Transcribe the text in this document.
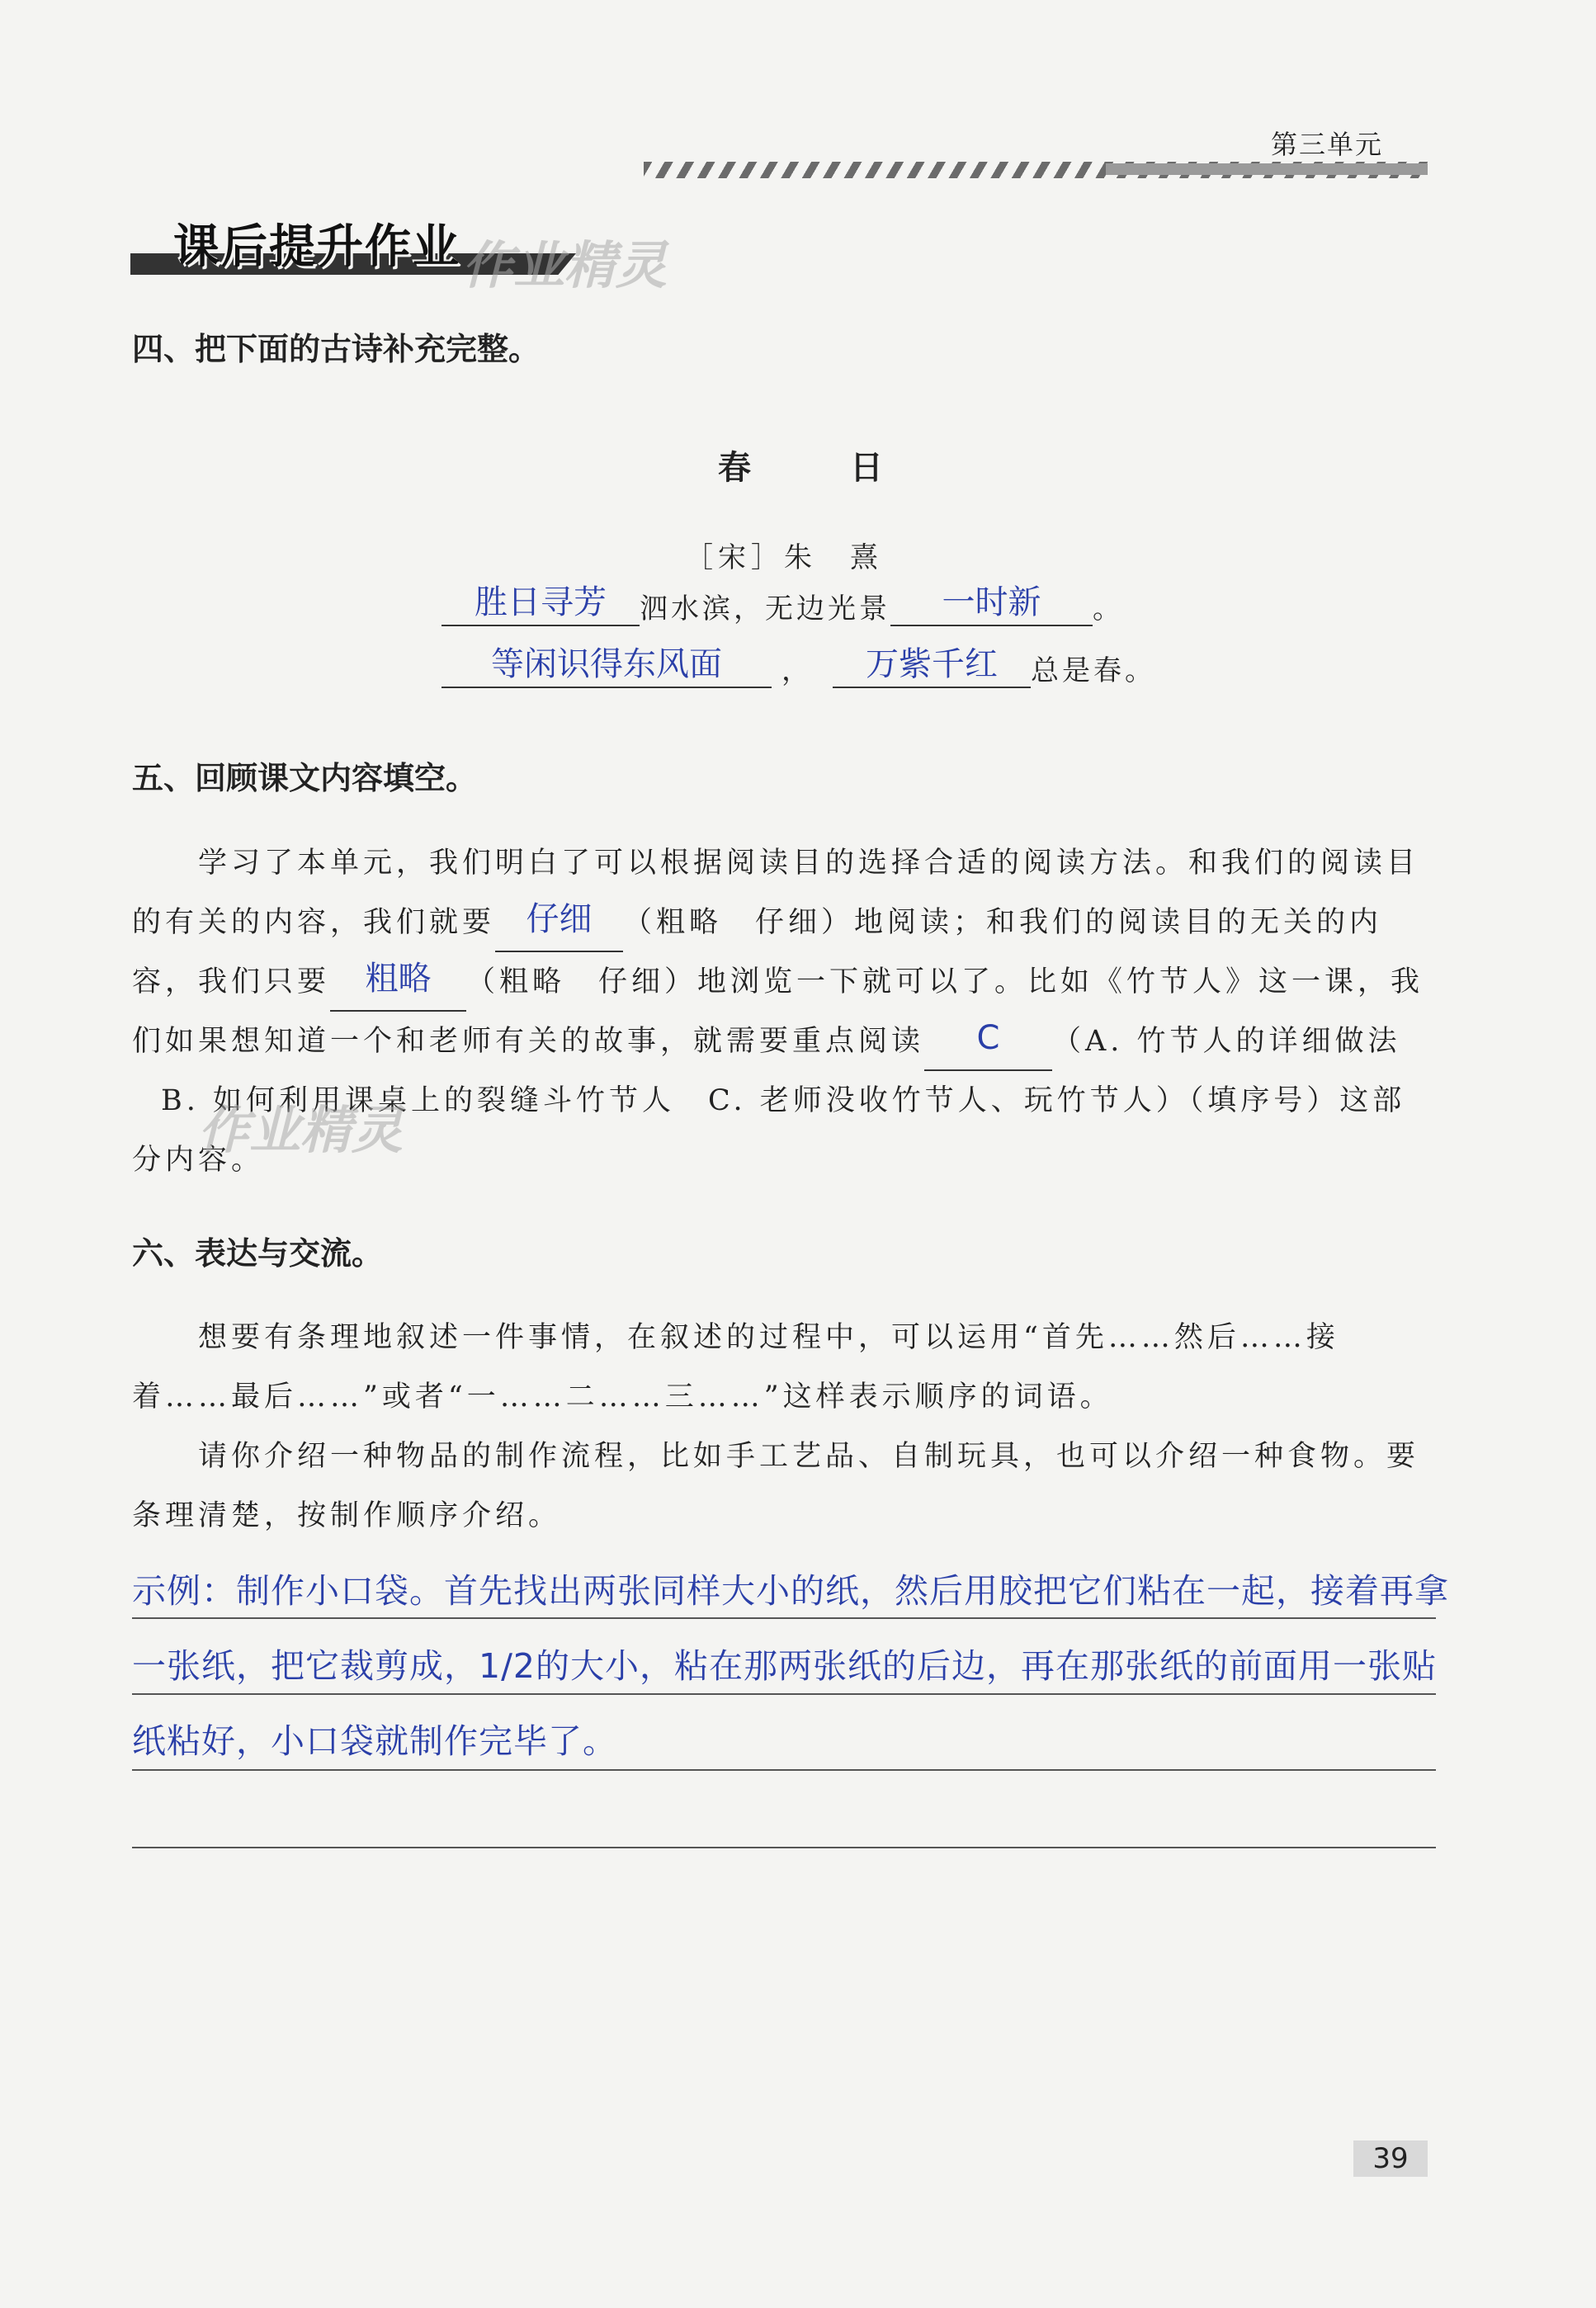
第三单元
课后提升作业 作业精灵
四、把下面的古诗补充完整。
春　日
［宋］朱　熹
胜日寻芳	泗水滨，无边光景	一时新	。
等闲识得东风面	，	万紫千红	总是春。
五、回顾课文内容填空。
学习了本单元，我们明白了可以根据阅读目的选择合适的阅读方法。和我们的阅读目
的有关的内容，我们就要 仔细	（粗略　仔细）地阅读；和我们的阅读目的无关的内
容，我们只要	粗略	（粗略　仔细）地浏览一下就可以了。比如《竹节人》这一课，我
们如果想知道一个和老师有关的故事，就需要重点阅读	C	（A. 竹节人的详细做法
B. 如何利用课桌上的裂缝斗竹节人　C. 老师没收竹节人、玩竹节人）（填序号）这部
分内容。
作业精灵
六、表达与交流。
想要有条理地叙述一件事情，在叙述的过程中，可以运用“首先……然后……接
着……最后……”或者“一……二……三……”这样表示顺序的词语。
请你介绍一种物品的制作流程，比如手工艺品、自制玩具，也可以介绍一种食物。要
条理清楚，按制作顺序介绍。
示例：制作小口袋。首先找出两张同样大小的纸，然后用胶把它们粘在一起，接着再拿
一张纸，把它裁剪成，1/2的大小，粘在那两张纸的后边，再在那张纸的前面用一张贴
纸粘好，小口袋就制作完毕了。
39
